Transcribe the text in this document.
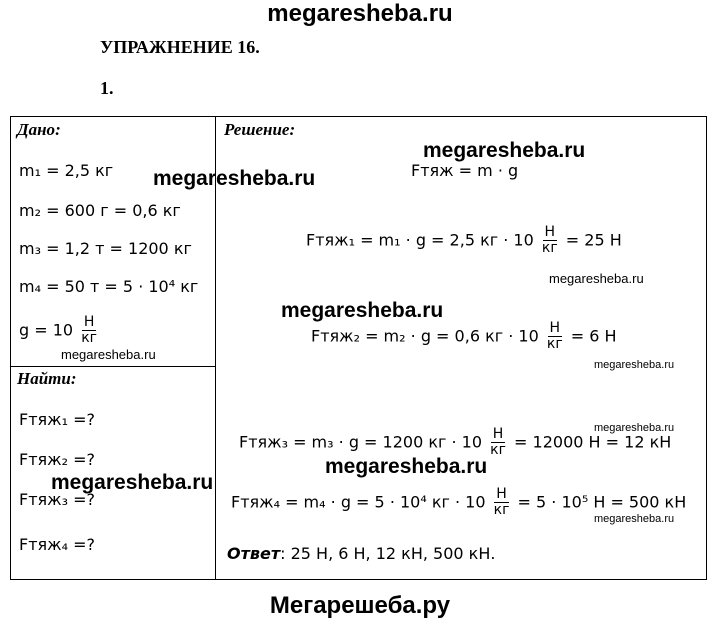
megaresheba.ru
УПРАЖНЕНИЕ 16.
1.
Дано:
m₁ = 2,5 кг
m₂ = 600 г = 0,6 кг
m₃ = 1,2 т = 1200 кг
m₄ = 50 т = 5 · 10⁴ кг
$g = 10 \frac{Н}{кг}$
Найти:
Fтяж₁ =?
Fтяж₂ =?
Fтяж₃ =?
Fтяж₄ =?
Решение:
Fтяж = m · g
Fтяж₁ = m₁ · g = 2,5 кг · $10 \frac{Н}{кг} = 25$ Н
Fтяж₂ = m₂ · g = 0,6 кг · $10 \frac{Н}{кг} = 6$ Н
Fтяж₃ = m₃ · g = 1200 кг · $10 \frac{Н}{кг} = 12000$ Н = 12 кН
Fтяж₄ = m₄ · g = 5 · 10⁴ кг · $10 \frac{Н}{кг} = 5 \cdot 10^5$ Н = 500 кН
Ответ: 25 Н, 6 Н, 12 кН, 500 кН.
megaresheba.ru
megaresheba.ru
megaresheba.ru
megaresheba.ru
megaresheba.ru
megaresheba.ru
megaresheba.ru
megaresheba.ru
megaresheba.ru
megaresheba.ru
Мегарешеба.ру
